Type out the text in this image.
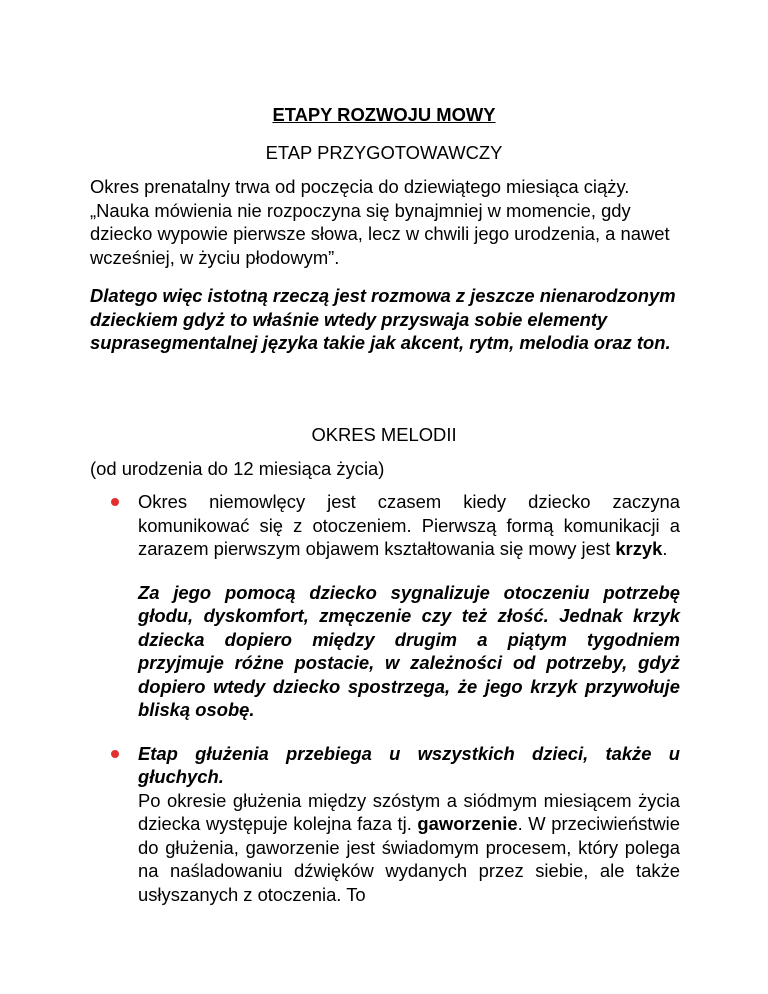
ETAPY ROZWOJU MOWY
ETAP PRZYGOTOWAWCZY
Okres prenatalny trwa od poczęcia do dziewiątego miesiąca ciąży. „Nauka mówienia nie rozpoczyna się bynajmniej w momencie, gdy dziecko wypowie pierwsze słowa, lecz w chwili jego urodzenia, a nawet wcześniej, w życiu płodowym”.
Dlatego więc istotną rzeczą jest rozmowa z jeszcze nienarodzonym dzieckiem gdyż to właśnie wtedy przyswaja sobie elementy suprasegmentalnej języka takie jak akcent, rytm, melodia oraz ton.
OKRES MELODII
(od urodzenia do 12 miesiąca życia)
Okres niemowlęcy jest czasem kiedy dziecko zaczyna komunikować się z otoczeniem. Pierwszą formą komunikacji a zarazem pierwszym objawem kształtowania się mowy jest krzyk.
Za jego pomocą dziecko sygnalizuje otoczeniu potrzebę głodu, dyskomfort, zmęczenie czy też złość. Jednak krzyk dziecka dopiero między drugim a piątym tygodniem przyjmuje różne postacie, w zależności od potrzeby, gdyż dopiero wtedy dziecko spostrzega, że jego krzyk przywołuje bliską osobę.
Etap głużenia przebiega u wszystkich dzieci, także u głuchych.
Po okresie głużenia między szóstym a siódmym miesiącem życia dziecka występuje kolejna faza tj. gaworzenie. W przeciwieństwie do głużenia, gaworzenie jest świadomym procesem, który polega na naśladowaniu dźwięków wydanych przez siebie, ale także usłyszanych z otoczenia. To
